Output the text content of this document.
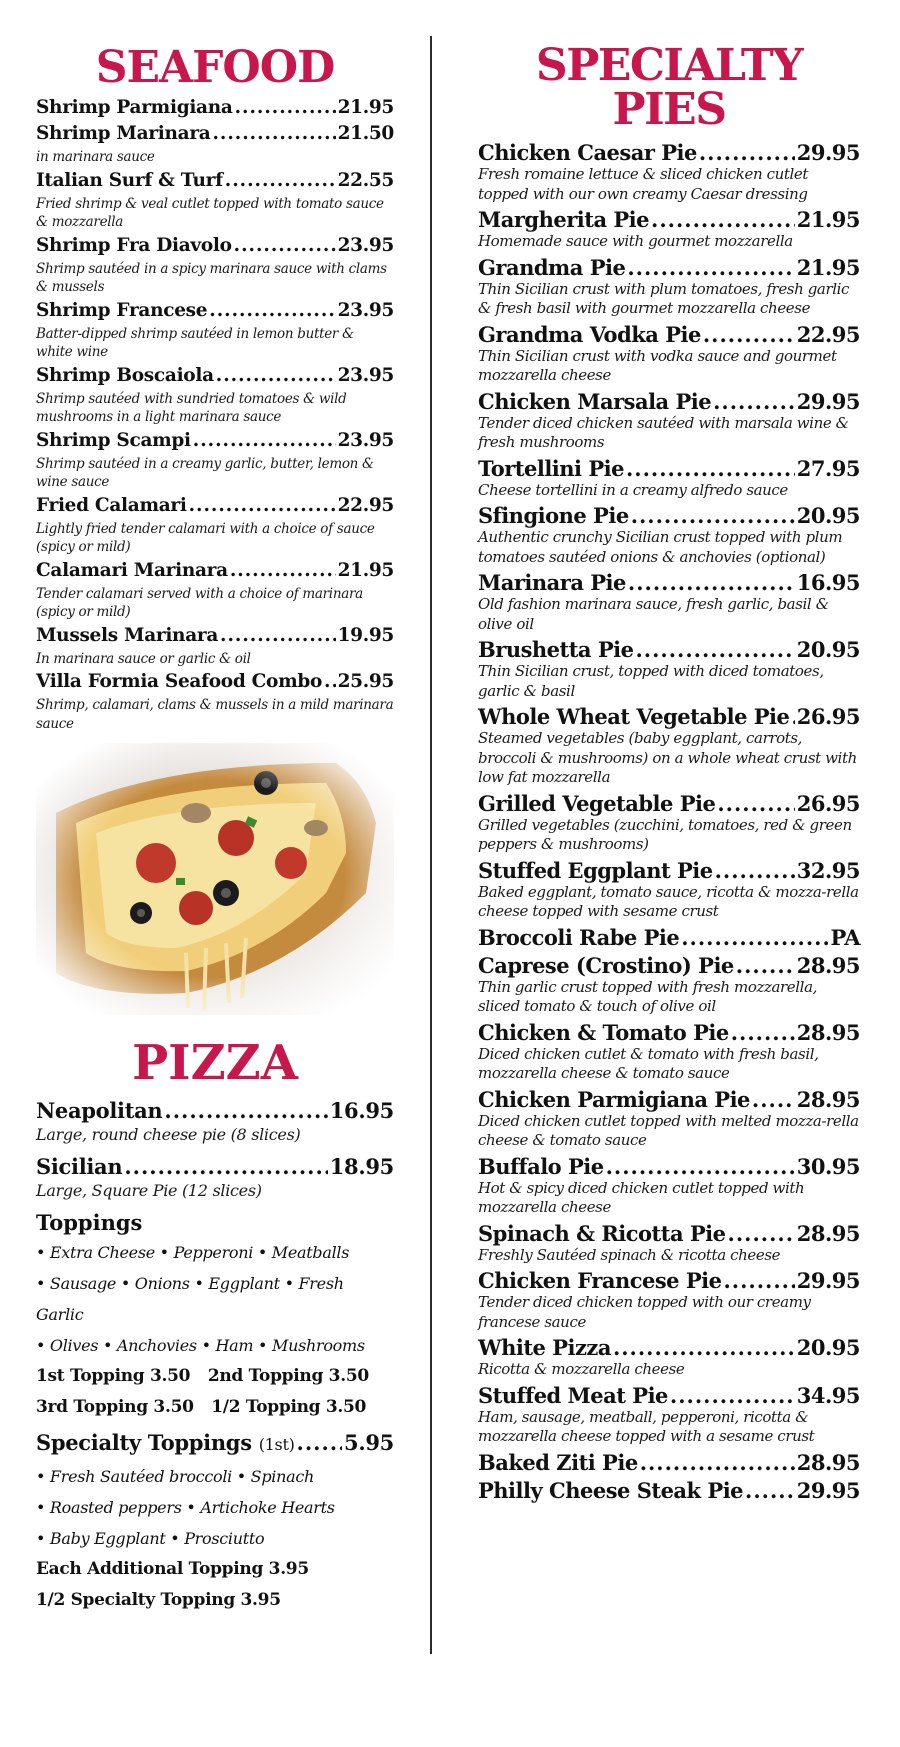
SEAFOOD
Shrimp Parmigiana .....	21.95
Shrimp Marinara .....	21.50

in marinara sauce

Italian Surf & Turf .....	22.55

Fried shrimp & veal cutlet topped with tomato sauce & mozzarella

Shrimp Fra Diavolo .....	23.95

Shrimp sautéed in a spicy marinara sauce with clams & mussels

Shrimp Francese .....	23.95

Batter-dipped shrimp sautéed in lemon butter & white wine

Shrimp Boscaiola .....	23.95

Shrimp sautéed with sundried tomatoes & wild mushrooms in a light marinara sauce

Shrimp Scampi .....	23.95

Shrimp sautéed in a creamy garlic, butter, lemon & wine sauce

Fried Calamari .....	22.95

Lightly fried tender calamari with a choice of sauce (spicy or mild)

Calamari Marinara .....	21.95

Tender calamari served with a choice of marinara (spicy or mild)

Mussels Marinara .....	19.95

In marinara sauce or garlic & oil

Villa Formia Seafood Combo ..... 25.95

Shrimp, calamari, clams & mussels in a mild marinara sauce

PIZZA
Neapolitan .....	16.95

Large, round cheese pie (8 slices)

Sicilian .....	18.95

Large, Square Pie (12 slices)

Toppings

• Extra Cheese • Pepperoni • Meatballs

• Sausage • Onions • Eggplant • Fresh Garlic

• Olives • Anchovies • Ham • Mushrooms

1st Topping 3.50 2nd Topping 3.50

3rd Topping 3.50 1/2 Topping 3.50

Specialty Toppings (1st) ..... 5.95

• Fresh Sautéed broccoli • Spinach

• Roasted peppers • Artichoke Hearts

• Baby Eggplant • Prosciutto

Each Additional Topping 3.95

1/2 Specialty Topping 3.95

SPECIALTY PIES
Chicken Caesar Pie .....	29.95

Fresh romaine lettuce & sliced chicken cutlet topped with our own creamy Caesar dressing

Margherita Pie .....	21.95

Homemade sauce with gourmet mozzarella

Grandma Pie .....	21.95

Thin Sicilian crust with plum tomatoes, fresh garlic & fresh basil with gourmet mozzarella cheese

Grandma Vodka Pie .....	22.95

Thin Sicilian crust with vodka sauce and gourmet mozzarella cheese

Chicken Marsala Pie .....	29.95

Tender diced chicken sautéed with marsala wine & fresh mushrooms

Tortellini Pie .....	27.95

Cheese tortellini in a creamy alfredo sauce

Sfingione Pie .....	20.95

Authentic crunchy Sicilian crust topped with plum tomatoes sautéed onions & anchovies (optional)

Marinara Pie .....	16.95

Old fashion marinara sauce, fresh garlic, basil & olive oil

Brushetta Pie .....	20.95

Thin Sicilian crust, topped with diced tomatoes, garlic & basil

Whole Wheat Vegetable Pie ..... 26.95

Steamed vegetables (baby eggplant, carrots, broccoli & mushrooms) on a whole wheat crust with low fat mozzarella

Grilled Vegetable Pie .....	26.95

Grilled vegetables (zucchini, tomatoes, red & green peppers & mushrooms)

Stuffed Eggplant Pie .....	32.95

Baked eggplant, tomato sauce, ricotta & mozza-rella cheese topped with sesame crust

Broccoli Rabe Pie .....	PA
Caprese (Crostino) Pie .....	28.95

Thin garlic crust topped with fresh mozzarella, sliced tomato & touch of olive oil

Chicken & Tomato Pie .....	28.95

Diced chicken cutlet & tomato with fresh basil, mozzarella cheese & tomato sauce

Chicken Parmigiana Pie ..... 28.95

Diced chicken cutlet topped with melted mozza-rella cheese & tomato sauce

Buffalo Pie .....	30.95

Hot & spicy diced chicken cutlet topped with mozzarella cheese

Spinach & Ricotta Pie .....	28.95

Freshly Sautéed spinach & ricotta cheese

Chicken Francese Pie .....	29.95

Tender diced chicken topped with our creamy francese sauce

White Pizza .....	20.95

Ricotta & mozzarella cheese

Stuffed Meat Pie .....	34.95

Ham, sausage, meatball, pepperoni, ricotta & mozzarella cheese topped with a sesame crust

Baked Ziti Pie .....	28.95
Philly Cheese Steak Pie .....	29.95
